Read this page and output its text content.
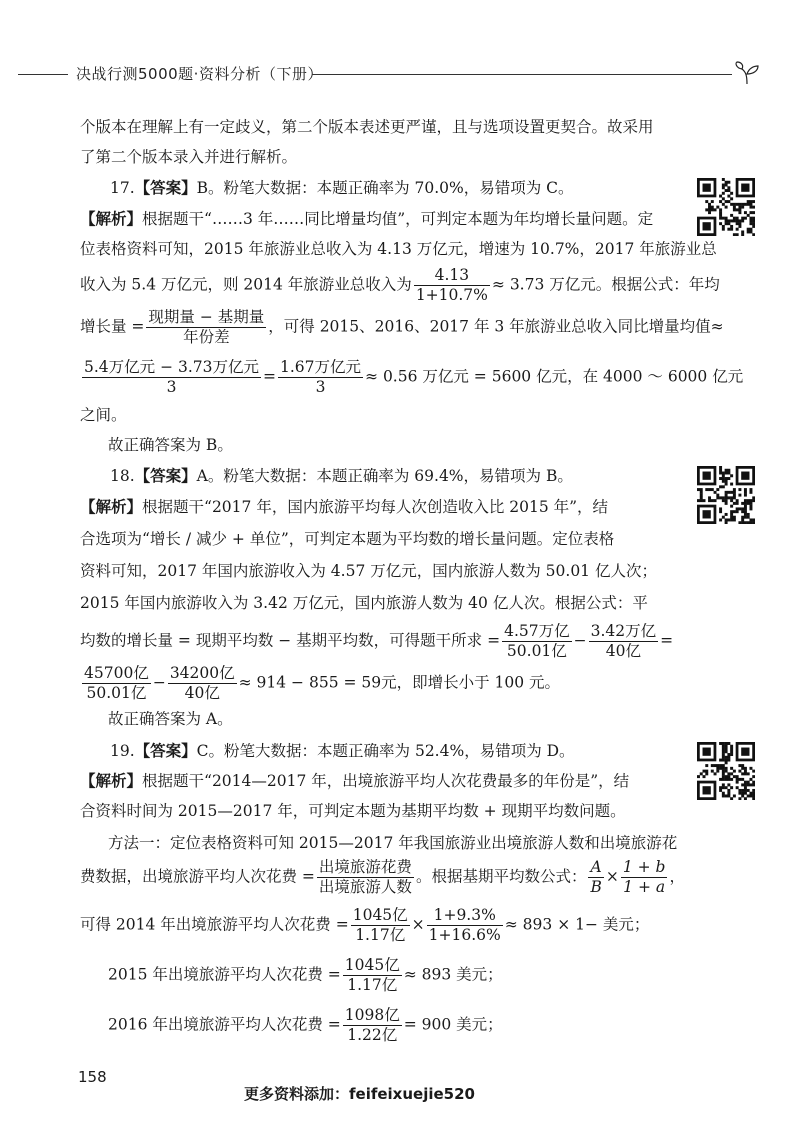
决战行测5000题·资料分析（下册）
个版本在理解上有一定歧义，第二个版本表述更严谨，且与选项设置更契合。故采用
了第二个版本录入并进行解析。
17.【答案】B。粉笔大数据：本题正确率为 70.0%，易错项为 C。
【解析】根据题干“……3 年……同比增量均值”，可判定本题为年均增长量问题。定
位表格资料可知，2015 年旅游业总收入为 4.13 万亿元，增速为 10.7%，2017 年旅游业总
收入为 5.4 万亿元，则 2014 年旅游业总收入为 $\frac{4.13}{1+10.7\%} \approx 3.73$ 万亿元。根据公式：年均
增长量 = $\frac{\text{现期量 − 基期量}}{\text{年份差}}$ ，可得 2015、2016、2017 年 3 年旅游业总收入同比增量均值≈
$\frac{\text{5.4万亿元 − 3.73万亿元}}{3} = \frac{\text{1.67万亿元}}{3} \approx 0.56$ 万亿元 = 5600 亿元，在 4000 ～ 6000 亿元
之间。
故正确答案为 B。
18.【答案】A。粉笔大数据：本题正确率为 69.4%，易错项为 B。
【解析】根据题干“2017 年，国内旅游平均每人次创造收入比 2015 年”，结
合选项为“增长 / 减少 + 单位”，可判定本题为平均数的增长量问题。定位表格
资料可知，2017 年国内旅游收入为 4.57 万亿元，国内旅游人数为 50.01 亿人次；
2015 年国内旅游收入为 3.42 万亿元，国内旅游人数为 40 亿人次。根据公式：平
均数的增长量 = 现期平均数 − 基期平均数，可得题干所求 = $\frac{\text{4.57万亿}}{\text{50.01亿}} - \frac{\text{3.42万亿}}{\text{40亿}}$ =
$\frac{\text{45700亿}}{\text{50.01亿}} - \frac{\text{34200亿}}{\text{40亿}} \approx 914 - 855 = 59$元，即增长小于 100 元。
故正确答案为 A。
19.【答案】C。粉笔大数据：本题正确率为 52.4%，易错项为 D。
【解析】根据题干“2014—2017 年，出境旅游平均人次花费最多的年份是”，结
合资料时间为 2015—2017 年，可判定本题为基期平均数 + 现期平均数问题。
方法一：定位表格资料可知 2015—2017 年我国旅游业出境旅游人数和出境旅游花
费数据，出境旅游平均人次花费 = $\frac{\text{出境旅游花费}}{\text{出境旅游人数}}$ 。根据基期平均数公式： $\frac{A}{B} \times \frac{1 + b}{1 + a}$ ，
可得 2014 年出境旅游平均人次花费 = $\frac{\text{1045亿}}{\text{1.17亿}} \times \frac{1+9.3\%}{1+16.6\%} \approx 893 \times 1-$ 美元；
2015 年出境旅游平均人次花费 = $\frac{\text{1045亿}}{\text{1.17亿}} \approx 893$ 美元；
2016 年出境旅游平均人次花费 = $\frac{\text{1098亿}}{\text{1.22亿}} = 900$ 美元；
158
更多资料添加：feifeixuejie520
